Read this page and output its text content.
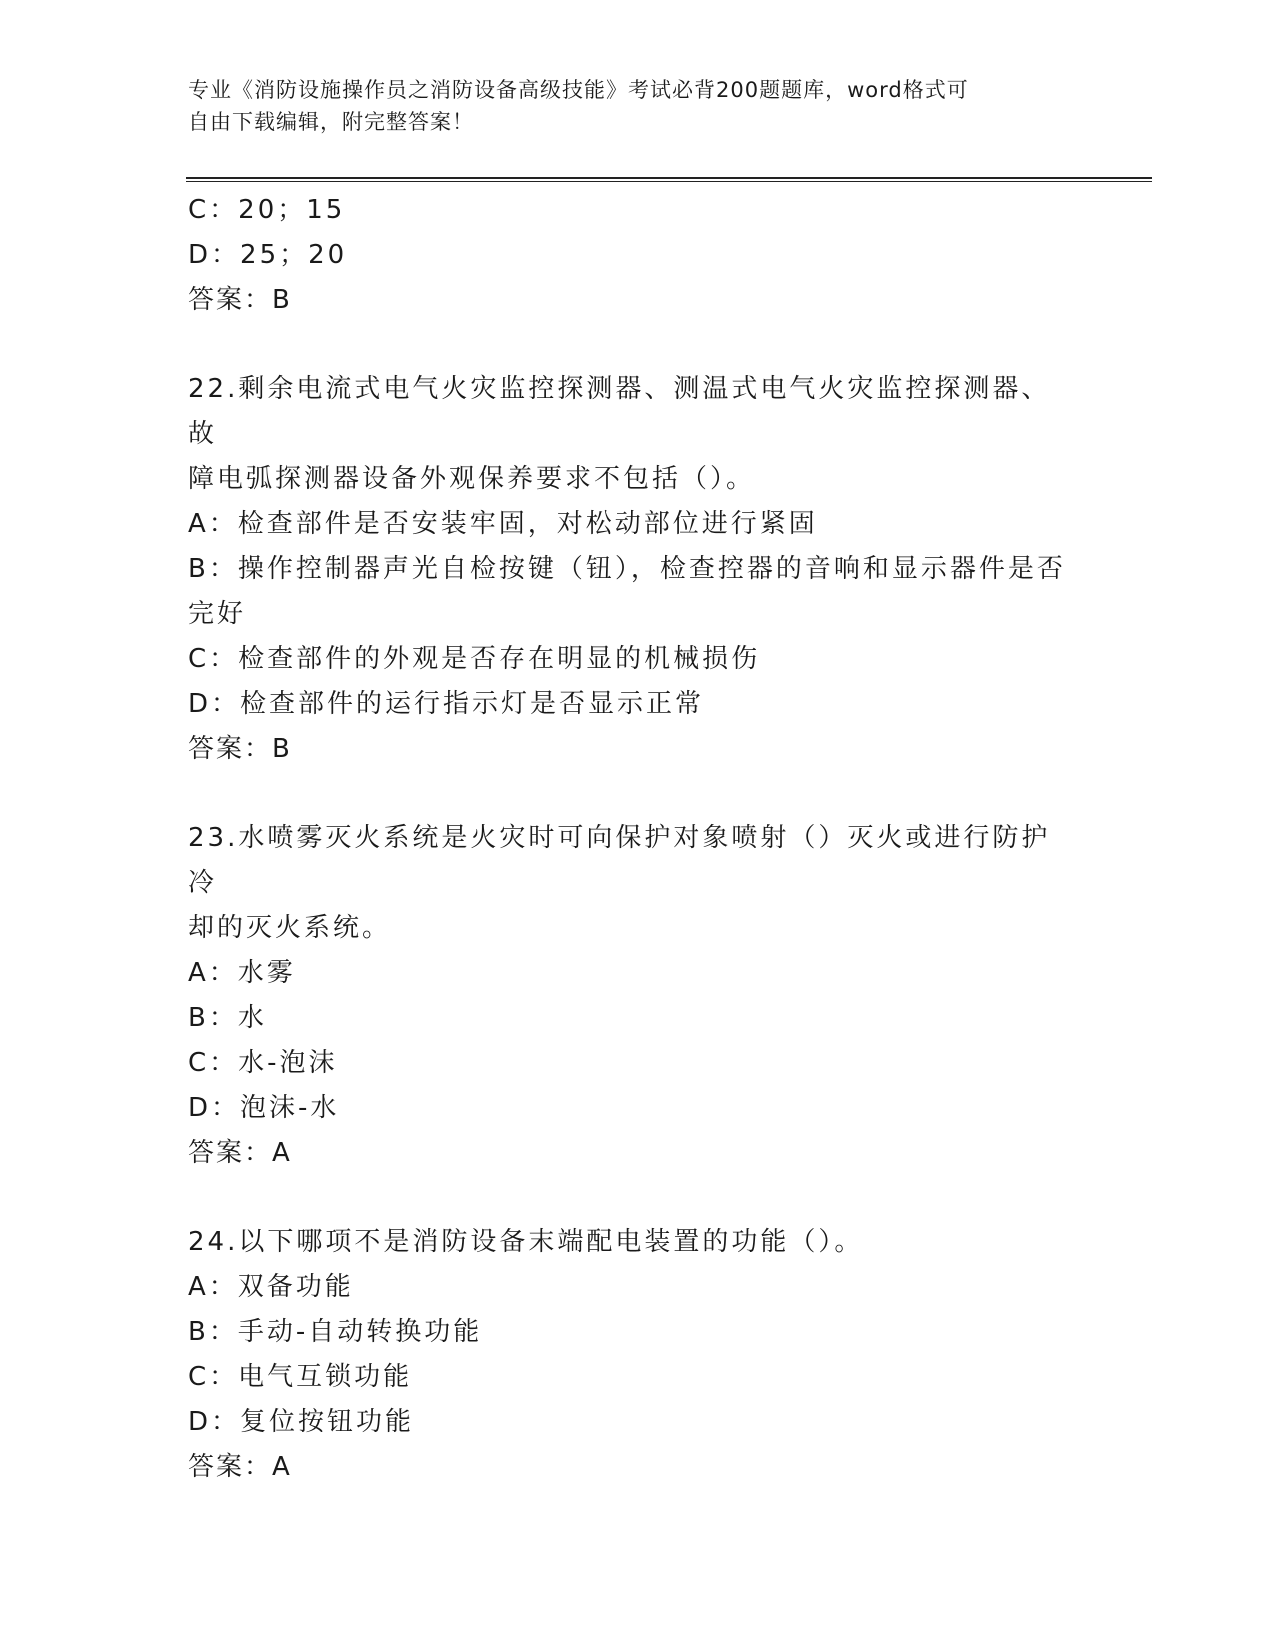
专业《消防设施操作员之消防设备高级技能》考试必背200题题库，word格式可
自由下载编辑，附完整答案！
C：20；15
D：25；20
答案：B
22.剩余电流式电气火灾监控探测器、测温式电气火灾监控探测器、故
障电弧探测器设备外观保养要求不包括（）。
A：检查部件是否安装牢固，对松动部位进行紧固
B：操作控制器声光自检按键（钮），检查控器的音响和显示器件是否
完好
C：检查部件的外观是否存在明显的机械损伤
D：检查部件的运行指示灯是否显示正常
答案：B
23.水喷雾灭火系统是火灾时可向保护对象喷射（）灭火或进行防护冷
却的灭火系统。
A：水雾
B：水
C：水-泡沫
D：泡沫-水
答案：A
24.以下哪项不是消防设备末端配电装置的功能（）。
A：双备功能
B：手动-自动转换功能
C：电气互锁功能
D：复位按钮功能
答案：A
